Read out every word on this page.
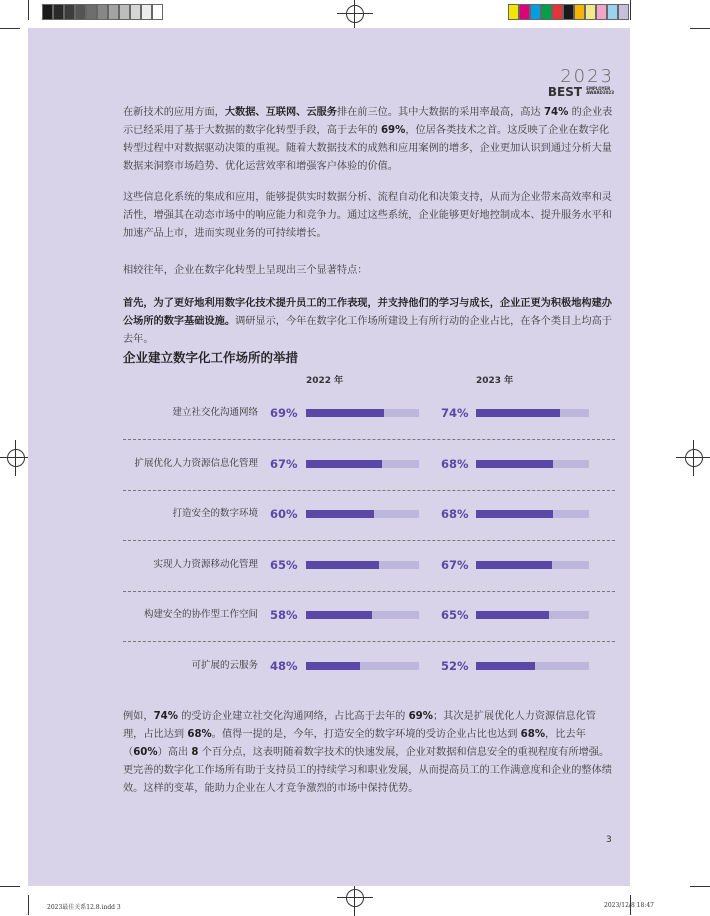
2023
BEST EMPLOYER
AWARD2023
在新技术的应用方面，大数据、互联网、云服务排在前三位。其中大数据的采用率最高，高达 74% 的企业表示已经采用了基于大数据的数字化转型手段，高于去年的 69%，位居各类技术之首。这反映了企业在数字化转型过程中对数据驱动决策的重视。随着大数据技术的成熟和应用案例的增多，企业更加认识到通过分析大量数据来洞察市场趋势、优化运营效率和增强客户体验的价值。
这些信息化系统的集成和应用，能够提供实时数据分析、流程自动化和决策支持，从而为企业带来高效率和灵活性，增强其在动态市场中的响应能力和竞争力。通过这些系统，企业能够更好地控制成本、提升服务水平和加速产品上市，进而实现业务的可持续增长。
相较往年，企业在数字化转型上呈现出三个显著特点：
首先，为了更好地利用数字化技术提升员工的工作表现，并支持他们的学习与成长，企业正更为积极地构建办公场所的数字基础设施。调研显示，今年在数字化工作场所建设上有所行动的企业占比，在各个类目上均高于去年。
企业建立数字化工作场所的举措
2022 年	2023 年
建立社交化沟通网络 69%	74%
扩展优化人力资源信息化管理 67%	68%
打造安全的数字环境 60%	68%
实现人力资源移动化管理 65%	67%
构建安全的协作型工作空间 58%	65%
可扩展的云服务 48%	52%
例如，74% 的受访企业建立社交化沟通网络，占比高于去年的 69%；其次是扩展优化人力资源信息化管理，占比达到 68%。值得一提的是，今年，打造安全的数字环境的受访企业占比也达到 68%，比去年（60%）高出 8 个百分点，这表明随着数字技术的快速发展，企业对数据和信息安全的重视程度有所增强。更完善的数字化工作场所有助于支持员工的持续学习和职业发展，从而提高员工的工作满意度和企业的整体绩效。这样的变革，能助力企业在人才竞争激烈的市场中保持优势。
3
2023最佳关系12.8.indd 3	2023/12/8 18:47
